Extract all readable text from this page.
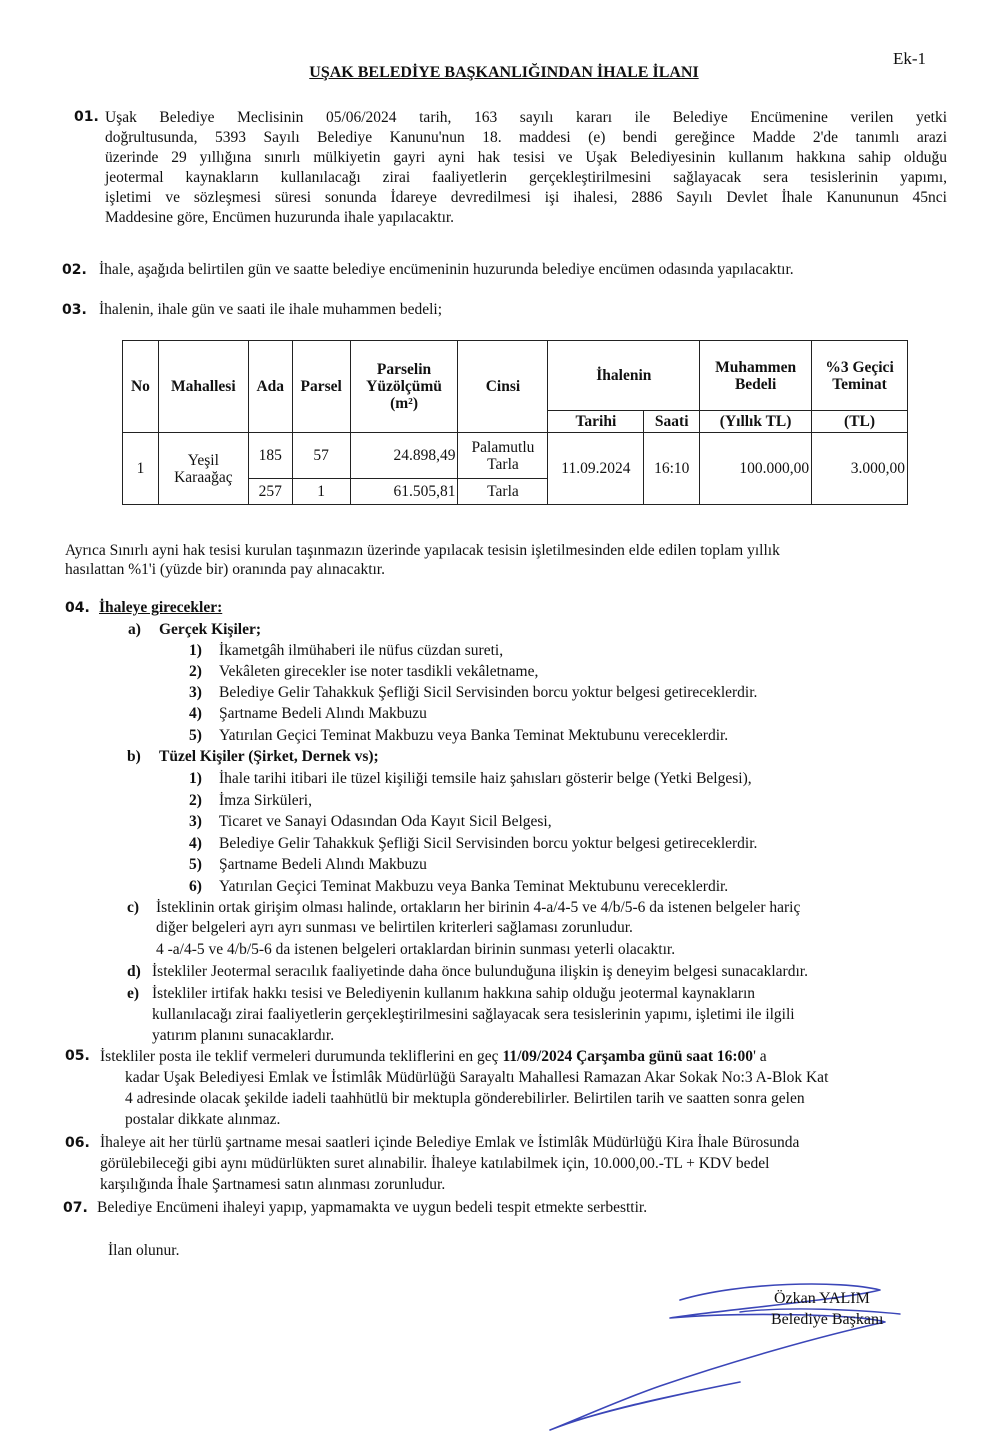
Ek-1
UŞAK BELEDİYE BAŞKANLIĞINDAN İHALE İLANI
01. Uşak Belediye Meclisinin 05/06/2024 tarih, 163 sayılı kararı ile Belediye Encümenine verilen yetki
doğrultusunda, 5393 Sayılı Belediye Kanunu'nun 18. maddesi (e) bendi gereğince Madde 2'de tanımlı arazi
üzerinde 29 yıllığına sınırlı mülkiyetin gayri ayni hak tesisi ve Uşak Belediyesinin kullanım hakkına sahip olduğu
jeotermal kaynakların kullanılacağı zirai faaliyetlerin gerçekleştirilmesini sağlayacak sera tesislerinin yapımı,
işletimi ve sözleşmesi süresi sonunda İdareye devredilmesi işi ihalesi, 2886 Sayılı Devlet İhale Kanununun 45nci
Maddesine göre, Encümen huzurunda ihale yapılacaktır.
02. İhale, aşağıda belirtilen gün ve saatte belediye encümeninin huzurunda belediye encümen odasında yapılacaktır.
03. İhalenin, ihale gün ve saati ile ihale muhammen bedeli;
No	Mahallesi	Ada	Parsel	Parselin Yüzölçümü
(m²)	Cinsi	İhalenin		Muhammen Bedeli	%3 Geçici Teminat
						Tarihi	Saati	(Yıllık TL)	(TL)
1	Yeşil Karaağaç	185	57	24.898,49	Palamutlu Tarla	11.09.2024	16:10	100.000,00	3.000,00
		257	1	61.505,81	Tarla				
Ayrıca Sınırlı ayni hak tesisi kurulan taşınmazın üzerinde yapılacak tesisin işletilmesinden elde edilen toplam yıllık
hasılattan %1'i (yüzde bir) oranında pay alınacaktır.
04. İhaleye girecekler:
a) Gerçek Kişiler;
1) İkametgâh ilmühaberi ile nüfus cüzdan sureti,
2) Vekâleten girecekler ise noter tasdikli vekâletname,
3) Belediye Gelir Tahakkuk Şefliği Sicil Servisinden borcu yoktur belgesi getireceklerdir.
4) Şartname Bedeli Alındı Makbuzu
5) Yatırılan Geçici Teminat Makbuzu veya Banka Teminat Mektubunu vereceklerdir.
b) Tüzel Kişiler (Şirket, Dernek vs);
1) İhale tarihi itibari ile tüzel kişiliği temsile haiz şahısları gösterir belge (Yetki Belgesi),
2) İmza Sirküleri,
3) Ticaret ve Sanayi Odasından Oda Kayıt Sicil Belgesi,
4) Belediye Gelir Tahakkuk Şefliği Sicil Servisinden borcu yoktur belgesi getireceklerdir.
5) Şartname Bedeli Alındı Makbuzu
6) Yatırılan Geçici Teminat Makbuzu veya Banka Teminat Mektubunu vereceklerdir.
c) İsteklinin ortak girişim olması halinde, ortakların her birinin 4-a/4-5 ve 4/b/5-6 da istenen belgeler hariç
diğer belgeleri ayrı ayrı sunması ve belirtilen kriterleri sağlaması zorunludur.
4 -a/4-5 ve 4/b/5-6 da istenen belgeleri ortaklardan birinin sunması yeterli olacaktır.
d) İstekliler Jeotermal seracılık faaliyetinde daha önce bulunduğuna ilişkin iş deneyim belgesi sunacaklardır.
e) İstekliler irtifak hakkı tesisi ve Belediyenin kullanım hakkına sahip olduğu jeotermal kaynakların
kullanılacağı zirai faaliyetlerin gerçekleştirilmesini sağlayacak sera tesislerinin yapımı, işletimi ile ilgili
yatırım planını sunacaklardır.
05. İstekliler posta ile teklif vermeleri durumunda tekliflerini en geç 11/09/2024 Çarşamba günü saat 16:00' a
kadar Uşak Belediyesi Emlak ve İstimlâk Müdürlüğü Sarayaltı Mahallesi Ramazan Akar Sokak No:3 A-Blok Kat
4 adresinde olacak şekilde iadeli taahhütlü bir mektupla gönderebilirler. Belirtilen tarih ve saatten sonra gelen
postalar dikkate alınmaz.
06. İhaleye ait her türlü şartname mesai saatleri içinde Belediye Emlak ve İstimlâk Müdürlüğü Kira İhale Bürosunda
görülebileceği gibi aynı müdürlükten suret alınabilir. İhaleye katılabilmek için, 10.000,00.-TL + KDV bedel
karşılığında İhale Şartnamesi satın alınması zorunludur.
07. Belediye Encümeni ihaleyi yapıp, yapmamakta ve uygun bedeli tespit etmekte serbesttir.
İlan olunur.
Özkan YALIM
Belediye Başkanı
